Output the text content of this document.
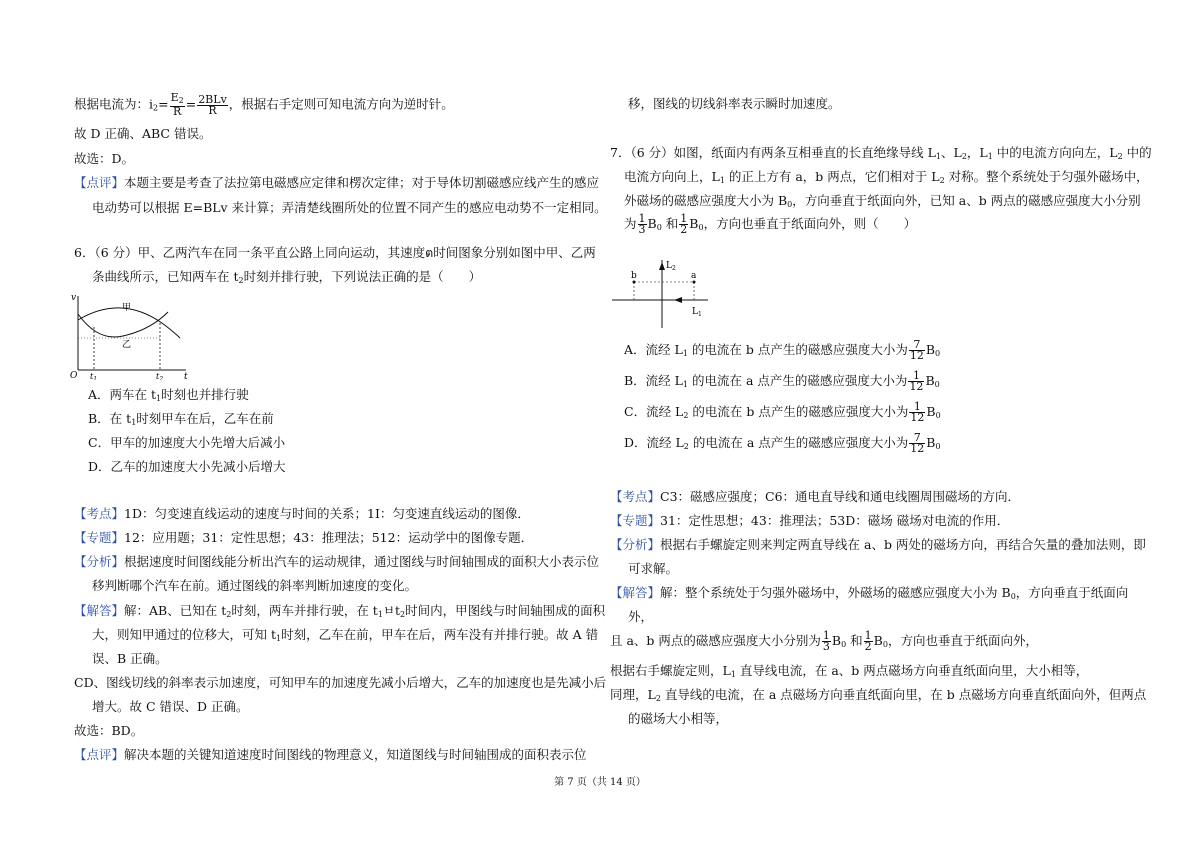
根据电流为：$i_2= \frac{E_2}{R} = \frac{\text{2BLv}}{R}$ ，根据右手定则可知电流方向为逆时针。
故 D 正确、ABC 错误。
故选：D。
【点评】本题主要是考查了法拉第电磁感应定律和楞次定律；对于导体切割磁感应线产生的感应
电动势可以根据 E=BLv 来计算；弄清楚线圈所处的位置不同产生的感应电动势不一定相同。
6．（6 分）甲、乙两汽车在同一条平直公路上同向运动，其速度ต时间图象分别如图中甲、乙两
条曲线所示，已知两车在 $t_2$时刻并排行驶，下列说法正确的是（　　）
v
甲
乙
O $t_1$	$t_2$ t
A．两车在 $t_1$时刻也并排行驶
B．在 $t_1$时刻甲车在后，乙车在前
C．甲车的加速度大小先增大后减小
D．乙车的加速度大小先减小后增大
【考点】1D：匀变速直线运动的速度与时间的关系；1I：匀变速直线运动的图像．
【专题】12：应用题；31：定性思想；43：推理法；512：运动学中的图像专题．
【分析】根据速度时间图线能分析出汽车的运动规律，通过图线与时间轴围成的面积大小表示位
移判断哪个汽车在前。通过图线的斜率判断加速度的变化。
【解答】解：AB、已知在 $t_2$时刻，两车并排行驶，在 $t_1$ㅂ$t_2$时间内，甲图线与时间轴围成的面积
大，则知甲通过的位移大，可知 $t_1$时刻，乙车在前，甲车在后，两车没有并排行驶。故 A 错
误、B 正确。
CD、图线切线的斜率表示加速度，可知甲车的加速度先减小后增大，乙车的加速度也是先减小后
增大。故 C 错误、D 正确。
故选：BD。
【点评】解决本题的关键知道速度时间图线的物理意义，知道图线与时间轴围成的面积表示位
移，图线的切线斜率表示瞬时加速度。
7．（6 分）如图，纸面内有两条互相垂直的长直绝缘导线 $L_1$、$L_2$，$L_1$ 中的电流方向向左，$L_2$ 中的
电流方向向上，$L_1$ 的正上方有 a，b 两点，它们相对于 $L_2$ 对称。整个系统处于匀强外磁场中，
外磁场的磁感应强度大小为 $B_0$，方向垂直于纸面向外，已知 a、b 两点的磁感应强度大小分别
为 $\frac{1}{3} B_0$ 和 $\frac{1}{2} B_0$，方向也垂直于纸面向外，则（　　）
b	a
$L_2$
$L_1$
A．流经 $L_1$ 的电流在 b 点产生的磁感应强度大小为 $\frac{7}{12} B_0$
B．流经 $L_1$ 的电流在 a 点产生的磁感应强度大小为 $\frac{1}{12} B_0$
C．流经 $L_2$ 的电流在 b 点产生的磁感应强度大小为 $\frac{1}{12} B_0$
D．流经 $L_2$ 的电流在 a 点产生的磁感应强度大小为 $\frac{7}{12} B_0$
【考点】C3：磁感应强度；C6：通电直导线和通电线圈周围磁场的方向．
【专题】31：定性思想；43：推理法；53D：磁场 磁场对电流的作用．
【分析】根据右手螺旋定则来判定两直导线在 a、b 两处的磁场方向，再结合矢量的叠加法则，即
可求解。
【解答】解：整个系统处于匀强外磁场中，外磁场的磁感应强度大小为 $B_0$，方向垂直于纸面向
外，
且 a、b 两点的磁感应强度大小分别为 $\frac{1}{3} B_0$ 和 $\frac{1}{2} B_0$，方向也垂直于纸面向外，
根据右手螺旋定则，$L_1$ 直导线电流，在 a、b 两点磁场方向垂直纸面向里，大小相等，
同理，$L_2$ 直导线的电流，在 a 点磁场方向垂直纸面向里，在 b 点磁场方向垂直纸面向外，但两点
的磁场大小相等，
第 7 页（共 14 页）
